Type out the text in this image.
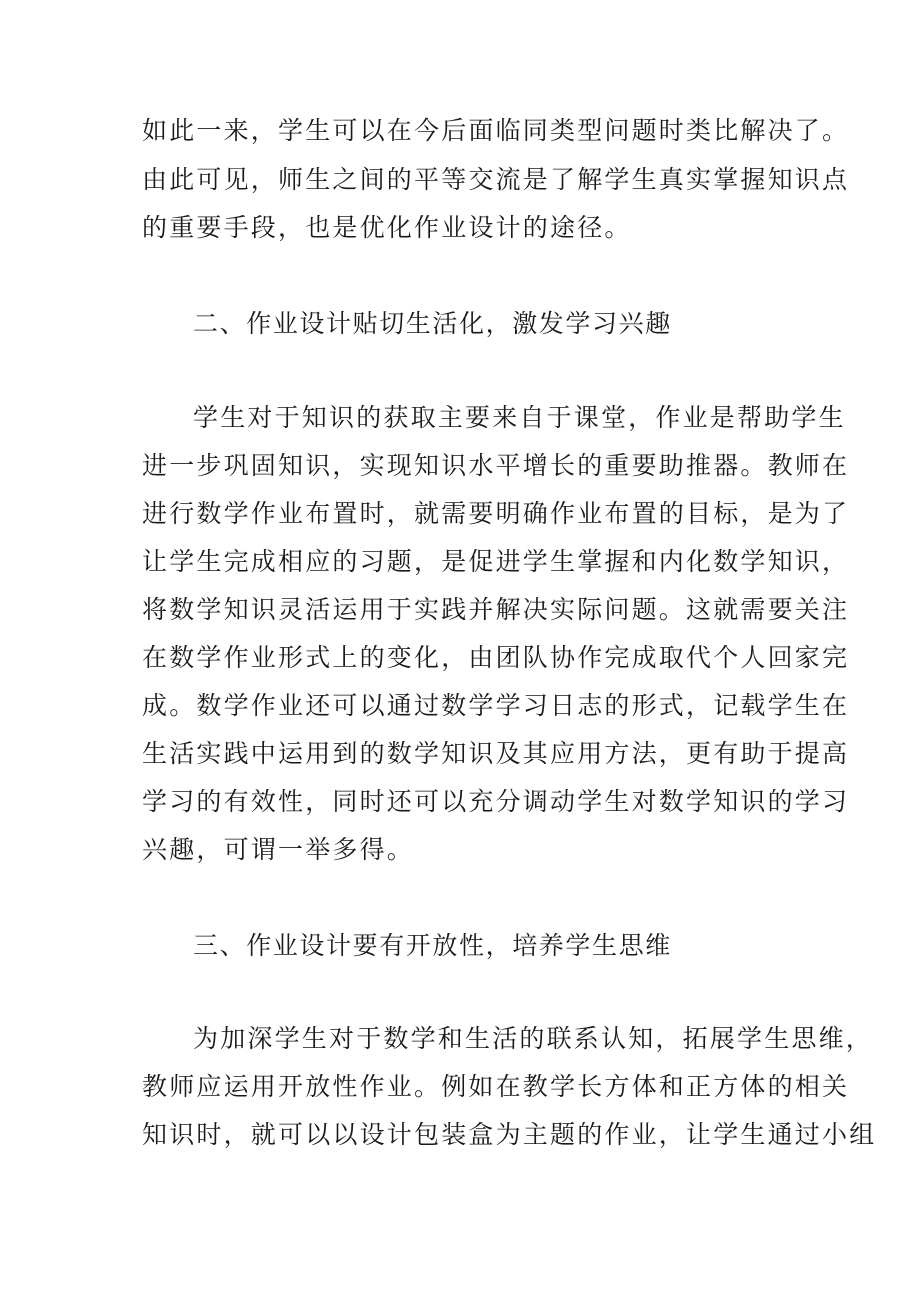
如此一来，学生可以在今后面临同类型问题时类比解决了。
由此可见，师生之间的平等交流是了解学生真实掌握知识点
的重要手段，也是优化作业设计的途径。
二、作业设计贴切生活化，激发学习兴趣
学生对于知识的获取主要来自于课堂，作业是帮助学生
进一步巩固知识，实现知识水平增长的重要助推器。教师在
进行数学作业布置时，就需要明确作业布置的目标，是为了
让学生完成相应的习题，是促进学生掌握和内化数学知识，
将数学知识灵活运用于实践并解决实际问题。这就需要关注
在数学作业形式上的变化，由团队协作完成取代个人回家完
成。数学作业还可以通过数学学习日志的形式，记载学生在
生活实践中运用到的数学知识及其应用方法，更有助于提高
学习的有效性，同时还可以充分调动学生对数学知识的学习
兴趣，可谓一举多得。
三、作业设计要有开放性，培养学生思维
为加深学生对于数学和生活的联系认知，拓展学生思维，
教师应运用开放性作业。例如在教学长方体和正方体的相关
知识时，就可以以设计包装盒为主题的作业，让学生通过小组
